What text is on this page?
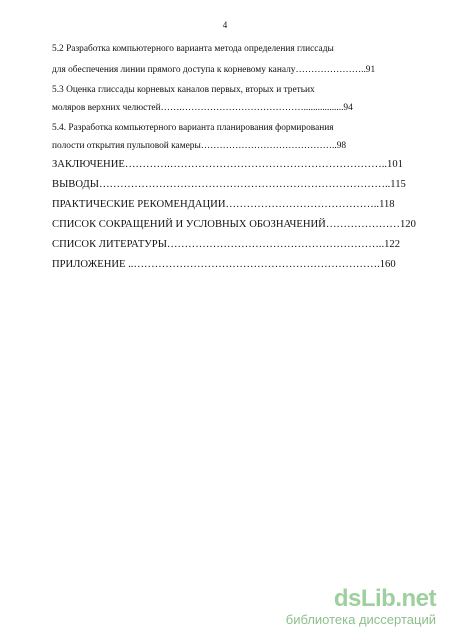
4
5.2 Разработка компьютерного варианта метода определения глиссады
для обеспечения линии прямого доступа к корневому каналу…………………..91
5.3 Оценка глиссады корневых каналов первых, вторых и третьих
моляров верхних челюстей…….………………………………….................94
5.4. Разработка компьютерного варианта планирования формирования
полости открытия пульповой камеры……………………………………..98
ЗАКЛЮЧЕНИЕ………….……………………………………………………..101
ВЫВОДЫ………………………………………………………………………..115
ПРАКТИЧЕСКИЕ РЕКОМЕНДАЦИИ……………………………………..118
СПИСОК СОКРАЩЕНИЙ И УСЛОВНЫХ ОБОЗНАЧЕНИЙ…………………120
СПИСОК ЛИТЕРАТУРЫ……………………………………………………..122
ПРИЛОЖЕНИЕ ..…………………………………………………………….160
dsLib.net
библиотека диссертаций
